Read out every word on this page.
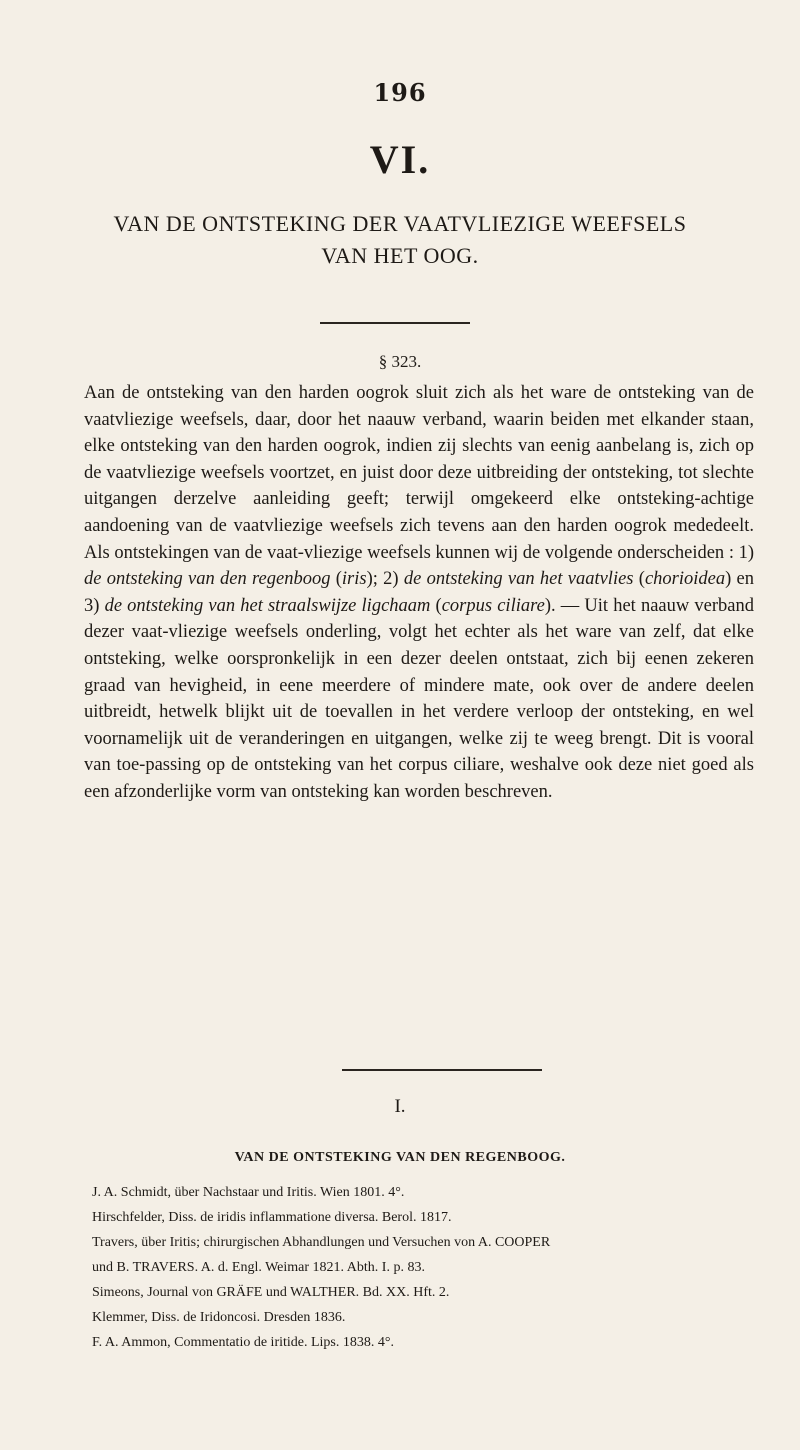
196
VI.
VAN DE ONTSTEKING DER VAATVLIEZIGE WEEFSELS
VAN HET OOG.
§ 323.
Aan de ontsteking van den harden oogrok sluit zich als het ware de ontsteking van de vaatvliezige weefsels, daar, door het naauw verband, waarin beiden met elkander staan, elke ontsteking van den harden oogrok, indien zij slechts van eenig aanbelang is, zich op de vaatvliezige weefsels voortzet, en juist door deze uitbreiding der ontsteking, tot slechte uitgangen derzelve aanleiding geeft; terwijl omgekeerd elke ontsteking-achtige aandoening van de vaatvliezige weefsels zich tevens aan den harden oogrok mededeelt. Als ontstekingen van de vaat-vliezige weefsels kunnen wij de volgende onderscheiden : 1) de ontsteking van den regenboog (iris); 2) de ontsteking van het vaatvlies (chorioidea) en 3) de ontsteking van het straalswijze ligchaam (corpus ciliare). — Uit het naauw verband dezer vaat-vliezige weefsels onderling, volgt het echter als het ware van zelf, dat elke ontsteking, welke oorspronkelijk in een dezer deelen ontstaat, zich bij eenen zekeren graad van hevigheid, in eene meerdere of mindere mate, ook over de andere deelen uitbreidt, hetwelk blijkt uit de toevallen in het verdere verloop der ontsteking, en wel voornamelijk uit de veranderingen en uitgangen, welke zij te weeg brengt. Dit is vooral van toe-passing op de ontsteking van het corpus ciliare, weshalve ook deze niet goed als een afzonderlijke vorm van ontsteking kan worden beschreven.
I.
VAN DE ONTSTEKING VAN DEN REGENBOOG.
J. A. Schmidt, über Nachstaar und Iritis. Wien 1801. 4°.
Hirschfelder, Diss. de iridis inflammatione diversa. Berol. 1817.
Travers, über Iritis; chirurgischen Abhandlungen und Versuchen von A. COOPER
und B. TRAVERS. A. d. Engl. Weimar 1821. Abth. I. p. 83.
Simeons, Journal von GRÄFE und WALTHER. Bd. XX. Hft. 2.
Klemmer, Diss. de Iridoncosi. Dresden 1836.
F. A. Ammon, Commentatio de iritide. Lips. 1838. 4°.
